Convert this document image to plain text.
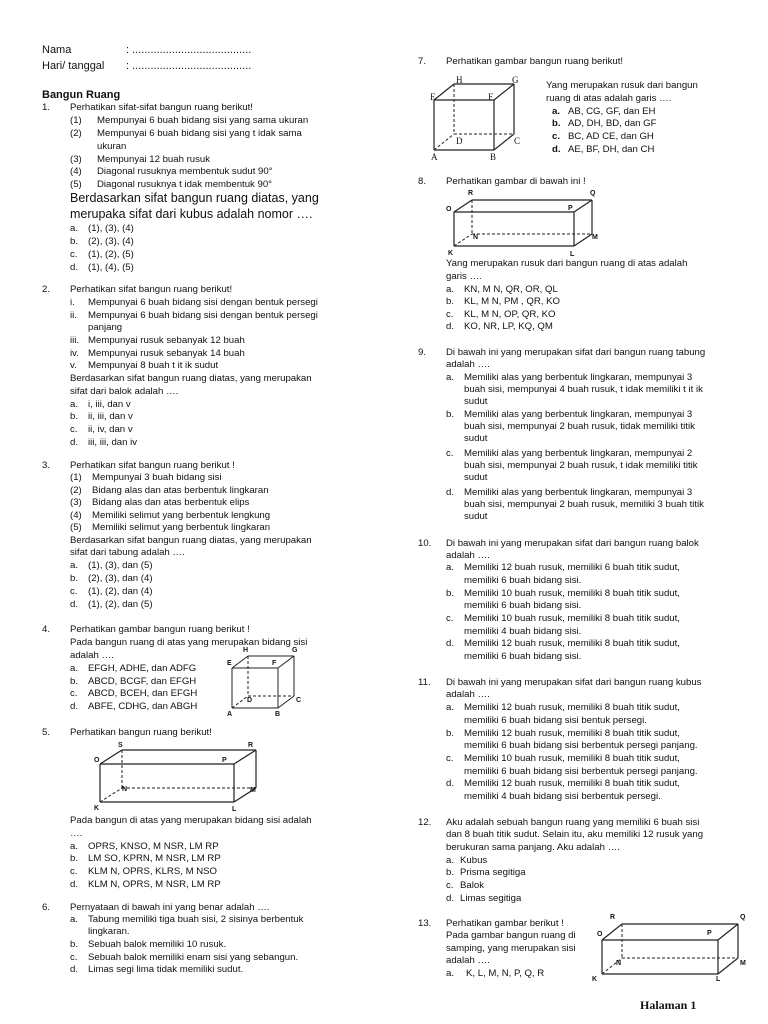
Nama	: .......................................
Hari/ tanggal : .......................................
Bangun Ruang
1. Perhatikan sifat-sifat bangun ruang berikut!
(1) Mempunyai 6 buah bidang sisi yang sama ukuran
(2) Mempunyai 6 buah bidang sisi yang t idak sama
ukuran
(3) Mempunyai 12 buah rusuk
(4) Diagonal rusuknya membentuk sudut 90°
(5) Diagonal rusuknya t idak membentuk 90°
Berdasarkan sifat bangun ruang diatas, yang
merupaka sifat dari kubus adalah nomor ….
a. (1), (3), (4)
b. (2), (3), (4)
c. (1), (2), (5)
d. (1), (4), (5)
2. Perhatikan sifat bangun ruang berikut!
i. Mempunyai 6 buah bidang sisi dengan bentuk persegi
ii. Mempunyai 6 buah bidang sisi dengan bentuk persegi
panjang
iii. Mempunyai rusuk sebanyak 12 buah
iv. Mempunyai rusuk sebanyak 14 buah
v. Mempunyai 8 buah t it ik sudut
Berdasarkan sifat bangun ruang diatas, yang merupakan
sifat dari balok adalah ….
a. i, iii, dan v
b. ii, iii, dan v
c. ii, iv, dan v
d. iii, iii, dan iv
3. Perhatikan sifat bangun ruang berikut !
(1) Mempunyai 3 buah bidang sisi
(2) Bidang alas dan atas berbentuk lingkaran
(3) Bidang alas dan atas berbentuk elips
(4) Memiliki selimut yang berbentuk lengkung
(5) Memiliki selimut yang berbentuk lingkaran
Berdasarkan sifat bangun ruang diatas, yang merupakan
sifat dari tabung adalah ….
a. (1), (3), dan (5)
b. (2), (3), dan (4)
c. (1), (2), dan (4)
d. (1), (2), dan (5)
4. Perhatikan gambar bangun ruang berikut !
Pada bangun ruang di atas yang merupakan bidang sisi
adalah ….
a. EFGH, ADHE, dan ADFG
b. ABCD, BCGF, dan EFGH
c. ABCD, BCEH, dan EFGH
d. ABFE, CDHG, dan ABGH
H	G
E	F
D	C
A	B
5. Perhatikan bangun ruang berikut!
S	R
O	P
N	M
K	L
Pada bangun di atas yang merupakan bidang sisi adalah
….
a. OPRS, KNSO, M NSR, LM RP
b. LM SO, KPRN, M NSR, LM RP
c. KLM N, OPRS, KLRS, M NSO
d. KLM N, OPRS, M NSR, LM RP
6. Pernyataan di bawah ini yang benar adalah ….
a. Tabung memiliki tiga buah sisi, 2 sisinya berbentuk
lingkaran.
b. Sebuah balok memiliki 10 rusuk.
c. Sebuah balok memiliki enam sisi yang sebangun.
d. Limas segi lima tidak memiliki sudut.
7. Perhatikan gambar bangun ruang berikut!
H	G
E	F
D	C
A	B
Yang merupakan rusuk dari bangun
ruang di atas adalah garis ….
a. AB, CG, GF, dan EH
b. AD, DH, BD, dan GF
c. BC, AD CE, dan GH
d. AE, BF, DH, dan CH
8. Perhatikan gambar di bawah ini !
R	Q
O	P
N	M
K	L
Yang merupakan rusuk dari bangun ruang di atas adalah
garis ….
a. KN, M N, QR, OR, QL
b. KL, M N, PM , QR, KO
c. KL, M N, OP, QR, KO
d. KO, NR, LP, KQ, QM
9. Di bawah ini yang merupakan sifat dari bangun ruang tabung
adalah ….
a. Memiliki alas yang berbentuk lingkaran, mempunyai 3
buah sisi, mempunyai 4 buah rusuk, t idak memiliki t it ik
sudut
b. Memiliki alas yang berbentuk lingkaran, mempunyai 3
buah sisi, mempunyai 2 buah rusuk, tidak memiliki titik
sudut
c. Memiliki alas yang berbentuk lingkaran, mempunyai 2
buah sisi, mempunyai 2 buah rusuk, t idak memiliki titik
sudut
d. Memiliki alas yang berbentuk lingkaran, mempunyai 3
buah sisi, mempunyai 2 buah rusuk, memiliki 3 buah titik
sudut
10. Di bawah ini yang merupakan sifat dari bangun ruang balok
adalah ….
a. Memiliki 12 buah rusuk, memiliki 6 buah titik sudut,
memiliki 6 buah bidang sisi.
b. Memiliki 10 buah rusuk, memiliki 8 buah titik sudut,
memiliki 6 buah bidang sisi.
c. Memiliki 10 buah rusuk, memiliki 8 buah titik sudut,
memiliki 4 buah bidang sisi.
d. Memiliki 12 buah rusuk, memiliki 8 buah titik sudut,
memiliki 6 buah bidang sisi.
11. Di bawah ini yang merupakan sifat dari bangun ruang kubus
adalah ….
a. Memiliki 12 buah rusuk, memiliki 8 buah titik sudut,
memiliki 6 buah bidang sisi bentuk persegi.
b. Memiliki 12 buah rusuk, memiliki 8 buah titik sudut,
memiliki 6 buah bidang sisi berbentuk persegi panjang.
c. Memiliki 10 buah rusuk, memiliki 8 buah titik sudut,
memiliki 6 buah bidang sisi berbentuk persegi panjang.
d. Memiliki 12 buah rusuk, memiliki 8 buah titik sudut,
memiliki 4 buah bidang sisi berbentuk persegi.
12. Aku adalah sebuah bangun ruang yang memiliki 6 buah sisi
dan 8 buah titik sudut. Selain itu, aku memiliki 12 rusuk yang
berukuran sama panjang. Aku adalah ….
a. Kubus
b. Prisma segitiga
c. Balok
d. Limas segitiga
13. Perhatikan gambar berikut !
Pada gambar bangun ruang di
samping, yang merupakan sisi
adalah ….
a. K, L, M, N, P, Q, R
R	Q
O	P
N	M
K	L
Halaman 1
